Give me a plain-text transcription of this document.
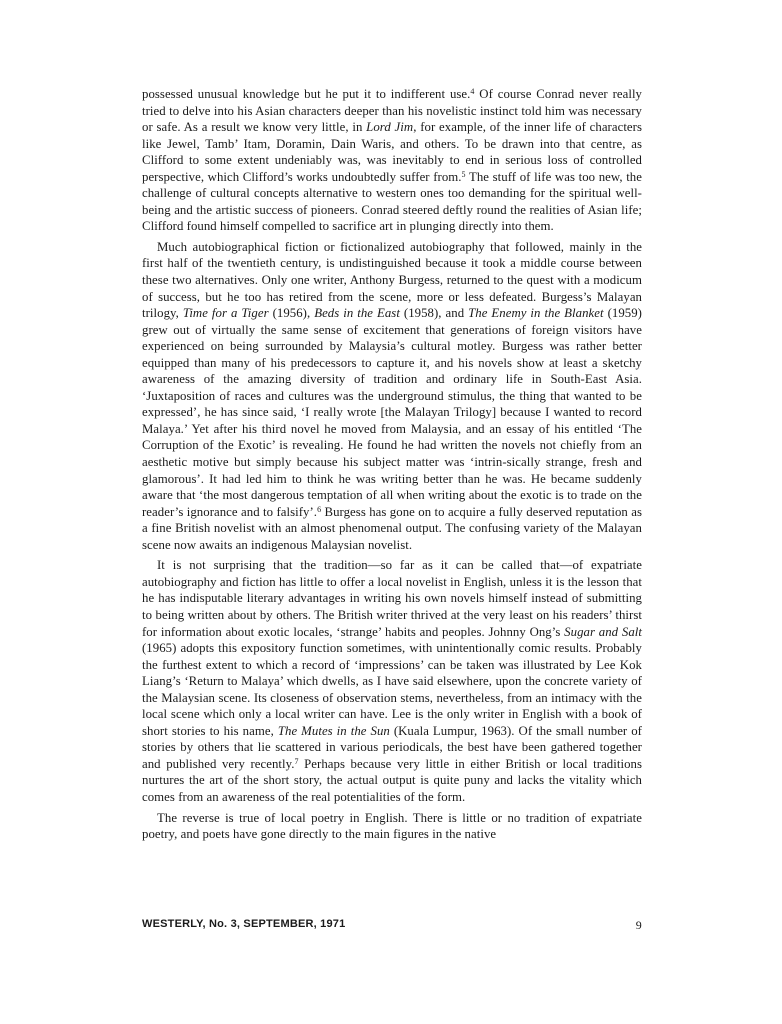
possessed unusual knowledge but he put it to indifferent use.$^4$ Of course Conrad never really tried to delve into his Asian characters deeper than his novelistic instinct told him was necessary or safe. As a result we know very little, in Lord Jim, for example, of the inner life of characters like Jewel, Tamb’ Itam, Doramin, Dain Waris, and others. To be drawn into that centre, as Clifford to some extent undeniably was, was inevitably to end in serious loss of controlled perspective, which Clifford’s works undoubtedly suffer from.$^5$ The stuff of life was too new, the challenge of cultural concepts alternative to western ones too demanding for the spiritual well-being and the artistic success of pioneers. Conrad steered deftly round the realities of Asian life; Clifford found himself compelled to sacrifice art in plunging directly into them.

Much autobiographical fiction or fictionalized autobiography that followed, mainly in the first half of the twentieth century, is undistinguished because it took a middle course between these two alternatives. Only one writer, Anthony Burgess, returned to the quest with a modicum of success, but he too has retired from the scene, more or less defeated. Burgess’s Malayan trilogy, Time for a Tiger (1956), Beds in the East (1958), and The Enemy in the Blanket (1959) grew out of virtually the same sense of excitement that generations of foreign visitors have experienced on being surrounded by Malaysia’s cultural motley. Burgess was rather better equipped than many of his predecessors to capture it, and his novels show at least a sketchy awareness of the amazing diversity of tradition and ordinary life in South-East Asia. ‘Juxtaposition of races and cultures was the underground stimulus, the thing that wanted to be expressed’, he has since said, ‘I really wrote [the Malayan Trilogy] because I wanted to record Malaya.’ Yet after his third novel he moved from Malaysia, and an essay of his entitled ‘The Corruption of the Exotic’ is revealing. He found he had written the novels not chiefly from an aesthetic motive but simply because his subject matter was ‘intrin-sically strange, fresh and glamorous’. It had led him to think he was writing better than he was. He became suddenly aware that ‘the most dangerous temptation of all when writing about the exotic is to trade on the reader’s ignorance and to falsify’.$^6$ Burgess has gone on to acquire a fully deserved reputation as a fine British novelist with an almost phenomenal output. The confusing variety of the Malayan scene now awaits an indigenous Malaysian novelist.

It is not surprising that the tradition—so far as it can be called that—of expatriate autobiography and fiction has little to offer a local novelist in English, unless it is the lesson that he has indisputable literary advantages in writing his own novels himself instead of submitting to being written about by others. The British writer thrived at the very least on his readers’ thirst for information about exotic locales, ‘strange’ habits and peoples. Johnny Ong’s Sugar and Salt (1965) adopts this expository function sometimes, with unintentionally comic results. Probably the furthest extent to which a record of ‘impressions’ can be taken was illustrated by Lee Kok Liang’s ‘Return to Malaya’ which dwells, as I have said elsewhere, upon the concrete variety of the Malaysian scene. Its closeness of observation stems, nevertheless, from an intimacy with the local scene which only a local writer can have. Lee is the only writer in English with a book of short stories to his name, The Mutes in the Sun (Kuala Lumpur, 1963). Of the small number of stories by others that lie scattered in various periodicals, the best have been gathered together and published very recently.$^7$ Perhaps because very little in either British or local traditions nurtures the art of the short story, the actual output is quite puny and lacks the vitality which comes from an awareness of the real potentialities of the form.

The reverse is true of local poetry in English. There is little or no tradition of expatriate poetry, and poets have gone directly to the main figures in the native

WESTERLY, No. 3, SEPTEMBER, 1971	9
